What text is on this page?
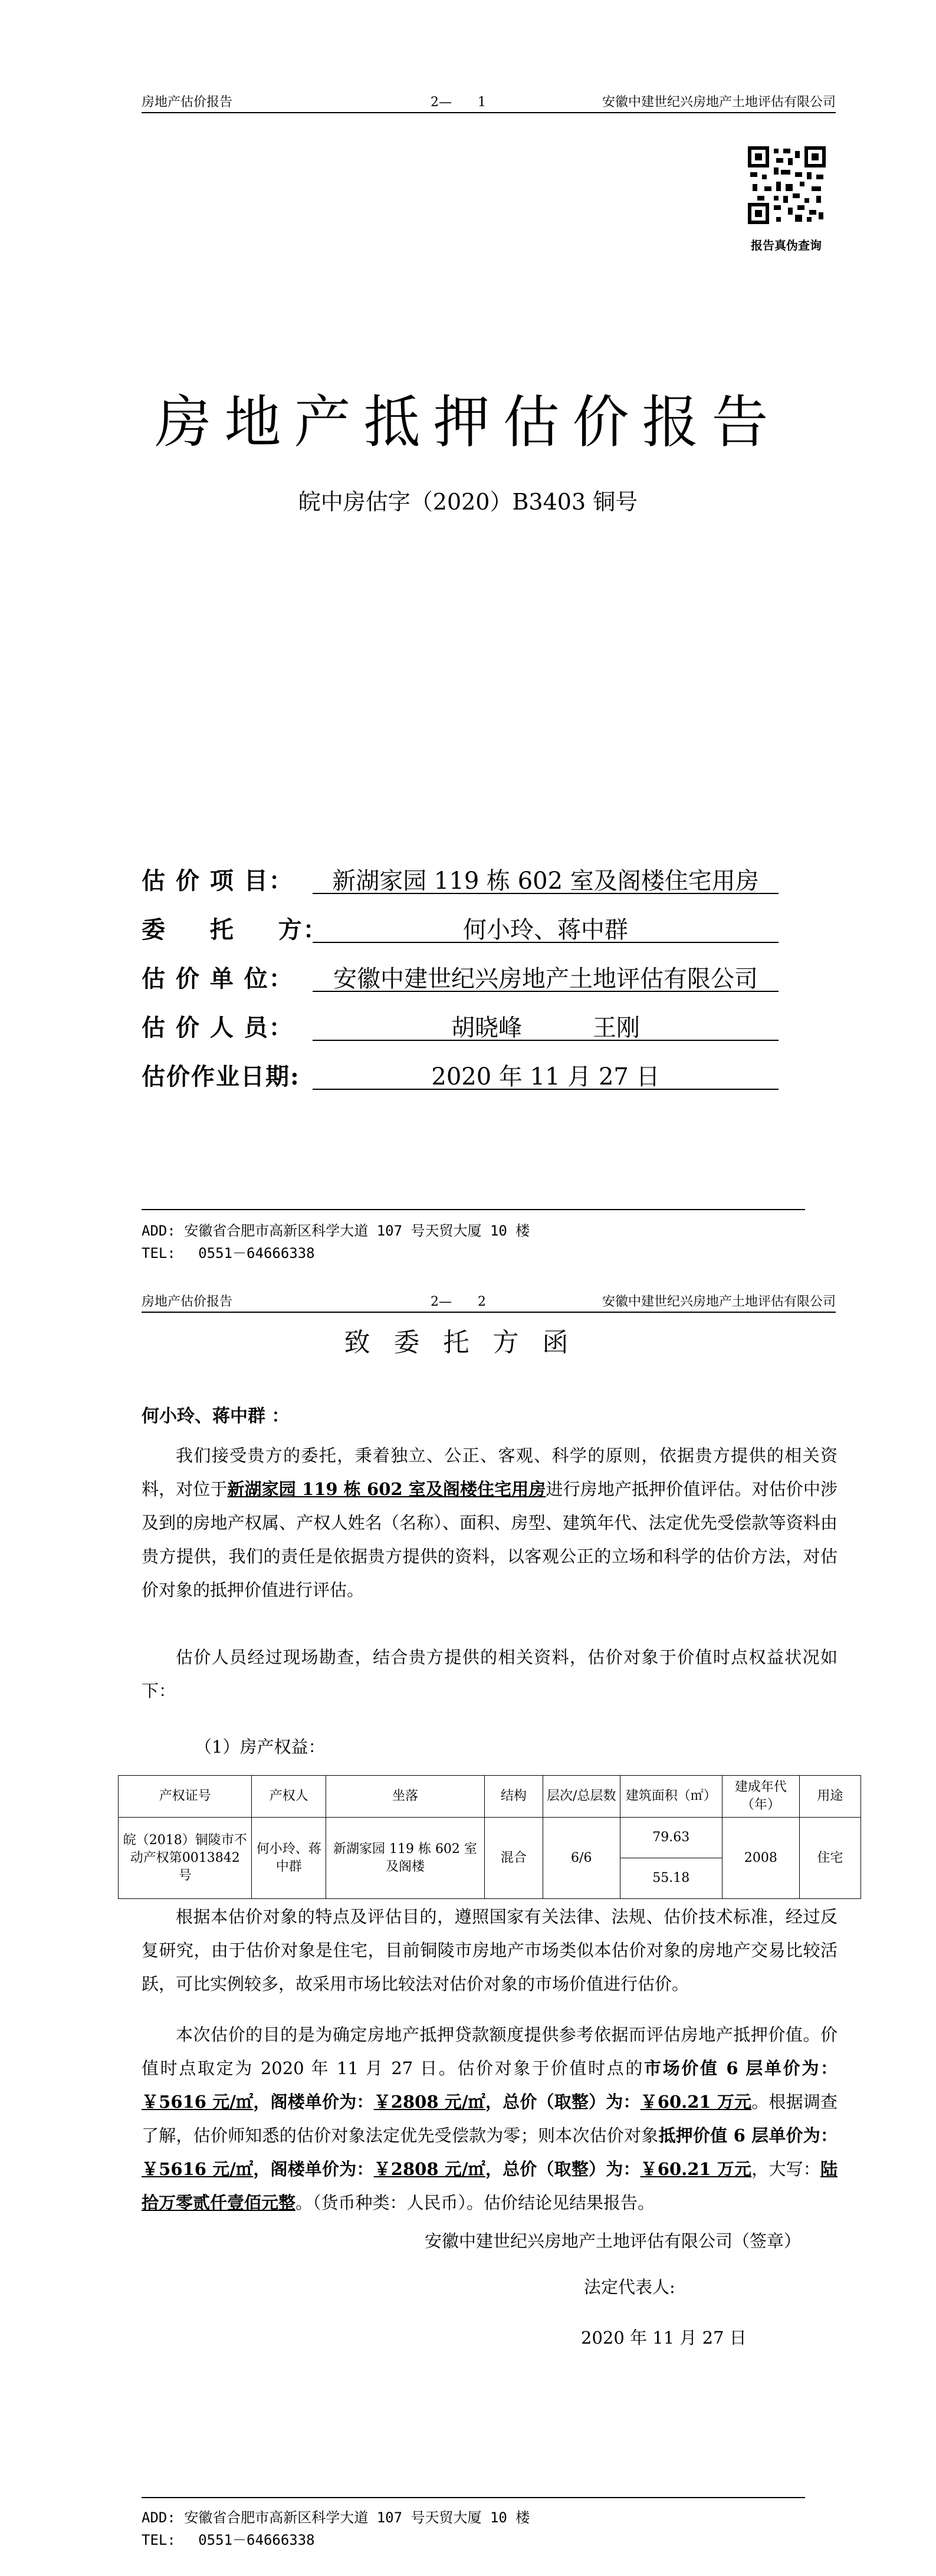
房地产估价报告	2—　　1	安徽中建世纪兴房地产土地评估有限公司
报告真伪查询
房地产抵押估价报告
皖中房估字（2020）B3403 铜号
估 价 项 目：	新湖家园 119 栋 602 室及阁楼住宅用房
委 　 托 　 方：	何小玲、蒋中群
估 价 单 位：	安徽中建世纪兴房地产土地评估有限公司
估 价 人 员：	胡晓峰　　　王刚
估价作业日期:	2020 年 11 月 27 日
ADD: 安徽省合肥市高新区科学大道 107 号天贸大厦 10 楼
TEL:　 0551－64666338
房地产估价报告	2—　　2	安徽中建世纪兴房地产土地评估有限公司
致委托方函
何小玲、蒋中群 ：
我们接受贵方的委托，秉着独立、公正、客观、科学的原则，依据贵方提供的相关资料，对位于新湖家园 119 栋 602 室及阁楼住宅用房进行房地产抵押价值评估。对估价中涉及到的房地产权属、产权人姓名（名称）、面积、房型、建筑年代、法定优先受偿款等资料由贵方提供，我们的责任是依据贵方提供的资料，以客观公正的立场和科学的估价方法，对估价对象的抵押价值进行评估。
估价人员经过现场勘查，结合贵方提供的相关资料，估价对象于价值时点权益状况如下：
（1）房产权益：
产权证号	产权人	坐落	结构	层次/总层数	建筑面积（㎡）	建成年代（年）	用途
皖（2018）铜陵市不动产权第0013842 号	何小玲、蒋中群	新湖家园 119 栋 602 室及阁楼	混合	6/6	79.63	2008	住宅
					55.18		
根据本估价对象的特点及评估目的，遵照国家有关法律、法规、估价技术标准，经过反复研究，由于估价对象是住宅，目前铜陵市房地产市场类似本估价对象的房地产交易比较活跃，可比实例较多，故采用市场比较法对估价对象的市场价值进行估价。
本次估价的目的是为确定房地产抵押贷款额度提供参考依据而评估房地产抵押价值。价值时点取定为 2020 年 11 月 27 日。估价对象于价值时点的市场价值 6 层单价为：￥5616 元/㎡，阁楼单价为：￥2808 元/㎡，总价（取整）为：￥60.21 万元。根据调查了解，估价师知悉的估价对象法定优先受偿款为零；则本次估价对象抵押价值 6 层单价为：￥5616 元/㎡，阁楼单价为：￥2808 元/㎡，总价（取整）为：￥60.21 万元，大写：陆拾万零贰仟壹佰元整。（货币种类：人民币）。估价结论见结果报告。
安徽中建世纪兴房地产土地评估有限公司（签章）
法定代表人:
2020 年 11 月 27 日
ADD: 安徽省合肥市高新区科学大道 107 号天贸大厦 10 楼
TEL:　 0551－64666338
